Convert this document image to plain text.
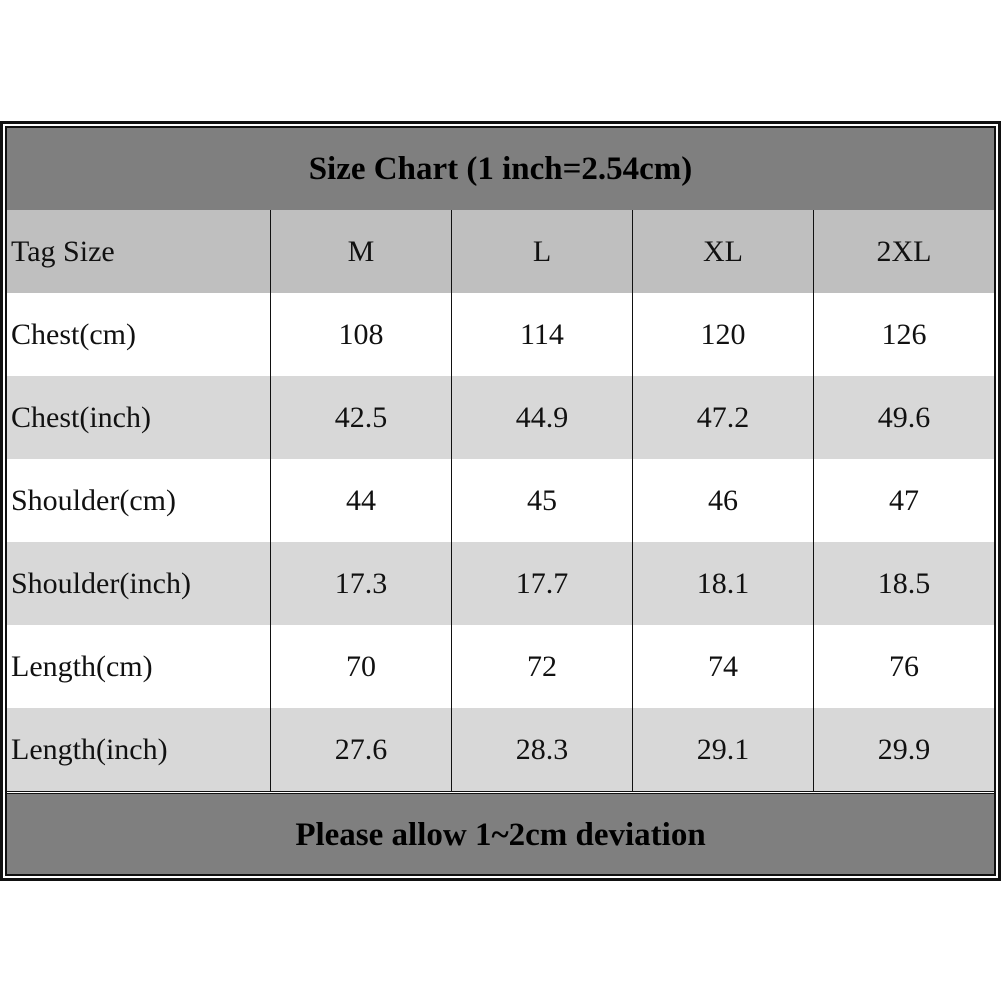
Size Chart (1 inch=2.54cm)
Tag Size	M	L	XL	2XL
Chest(cm)	108	114	120	126
Chest(inch)	42.5	44.9	47.2	49.6
Shoulder(cm)	44	45	46	47
Shoulder(inch)	17.3	17.7	18.1	18.5
Length(cm)	70	72	74	76
Length(inch)	27.6	28.3	29.1	29.9
Please allow 1~2cm deviation
